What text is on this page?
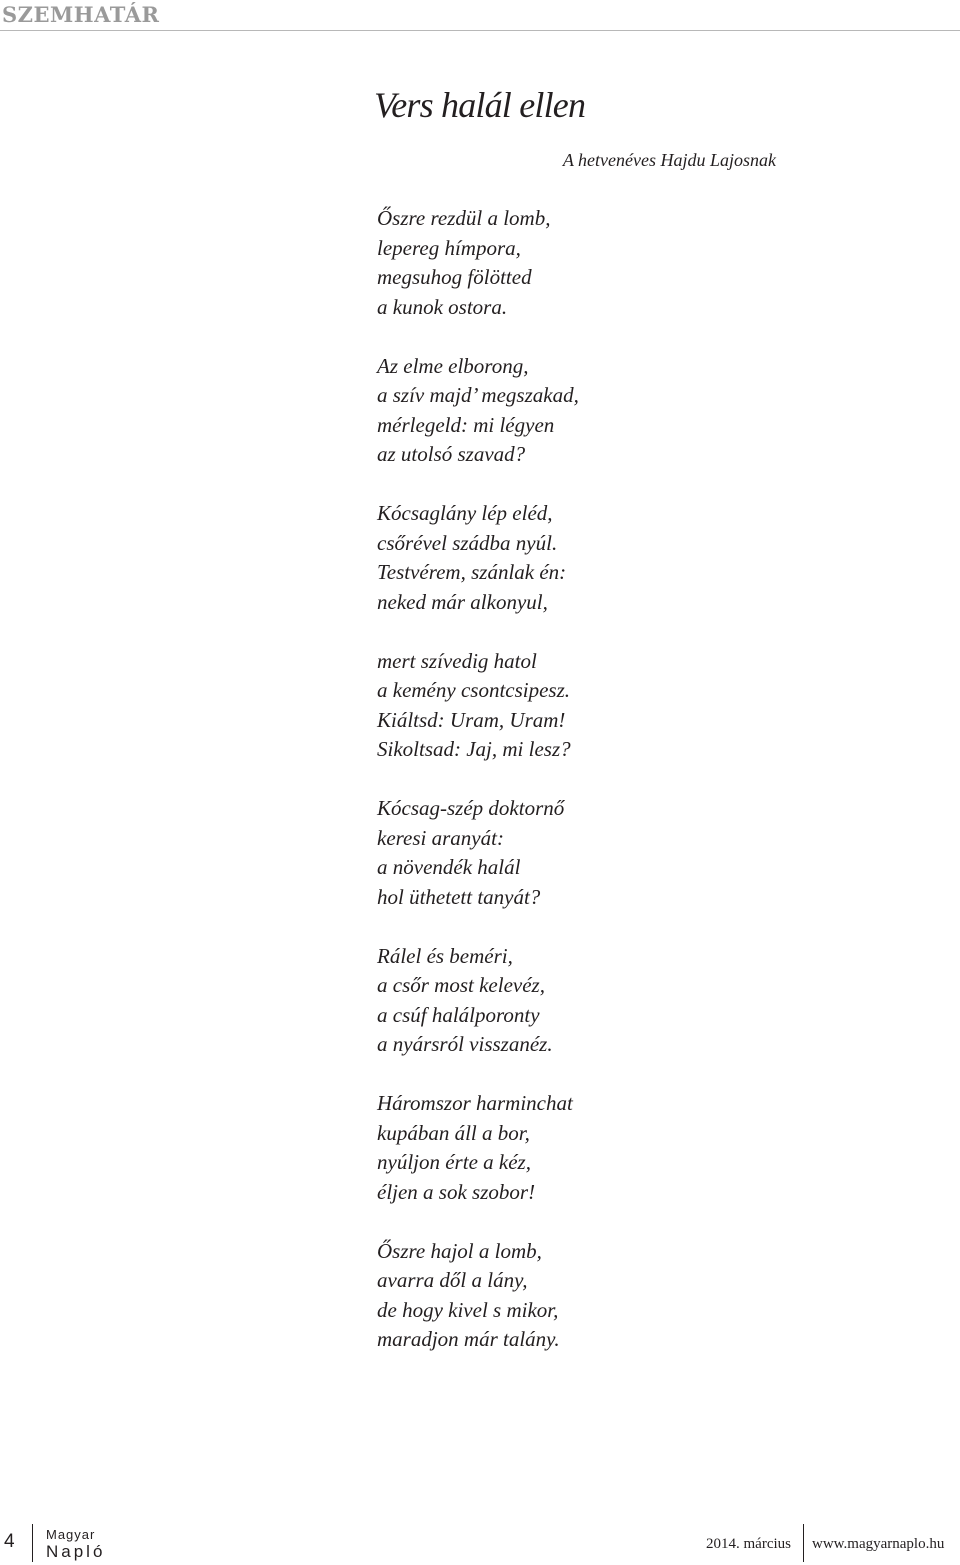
SZEMHATÁR
Vers halál ellen
A hetvenéves Hajdu Lajosnak

Őszre rezdül a lomb,
lepereg hímpora,
megsuhog fölötted
a kunok ostora.

Az elme elborong,
a szív majd’ megszakad,
mérlegeld: mi légyen
az utolsó szavad?

Kócsaglány lép eléd,
csőrével szádba nyúl.
Testvérem, szánlak én:
neked már alkonyul,

mert szívedig hatol
a kemény csontcsipesz.
Kiáltsd: Uram, Uram!
Sikoltsad: Jaj, mi lesz?

Kócsag-szép doktornő
keresi aranyát:
a növendék halál
hol üthetett tanyát?

Rálel és beméri,
a csőr most kelevéz,
a csúf halálporonty
a nyársról visszanéz.

Háromszor harminchat
kupában áll a bor,
nyúljon érte a kéz,
éljen a sok szobor!

Őszre hajol a lomb,
avarra dől a lány,
de hogy kivel s mikor,
maradjon már talány.

4 Magyar
Napló	2014. március www.magyarnaplo.hu
